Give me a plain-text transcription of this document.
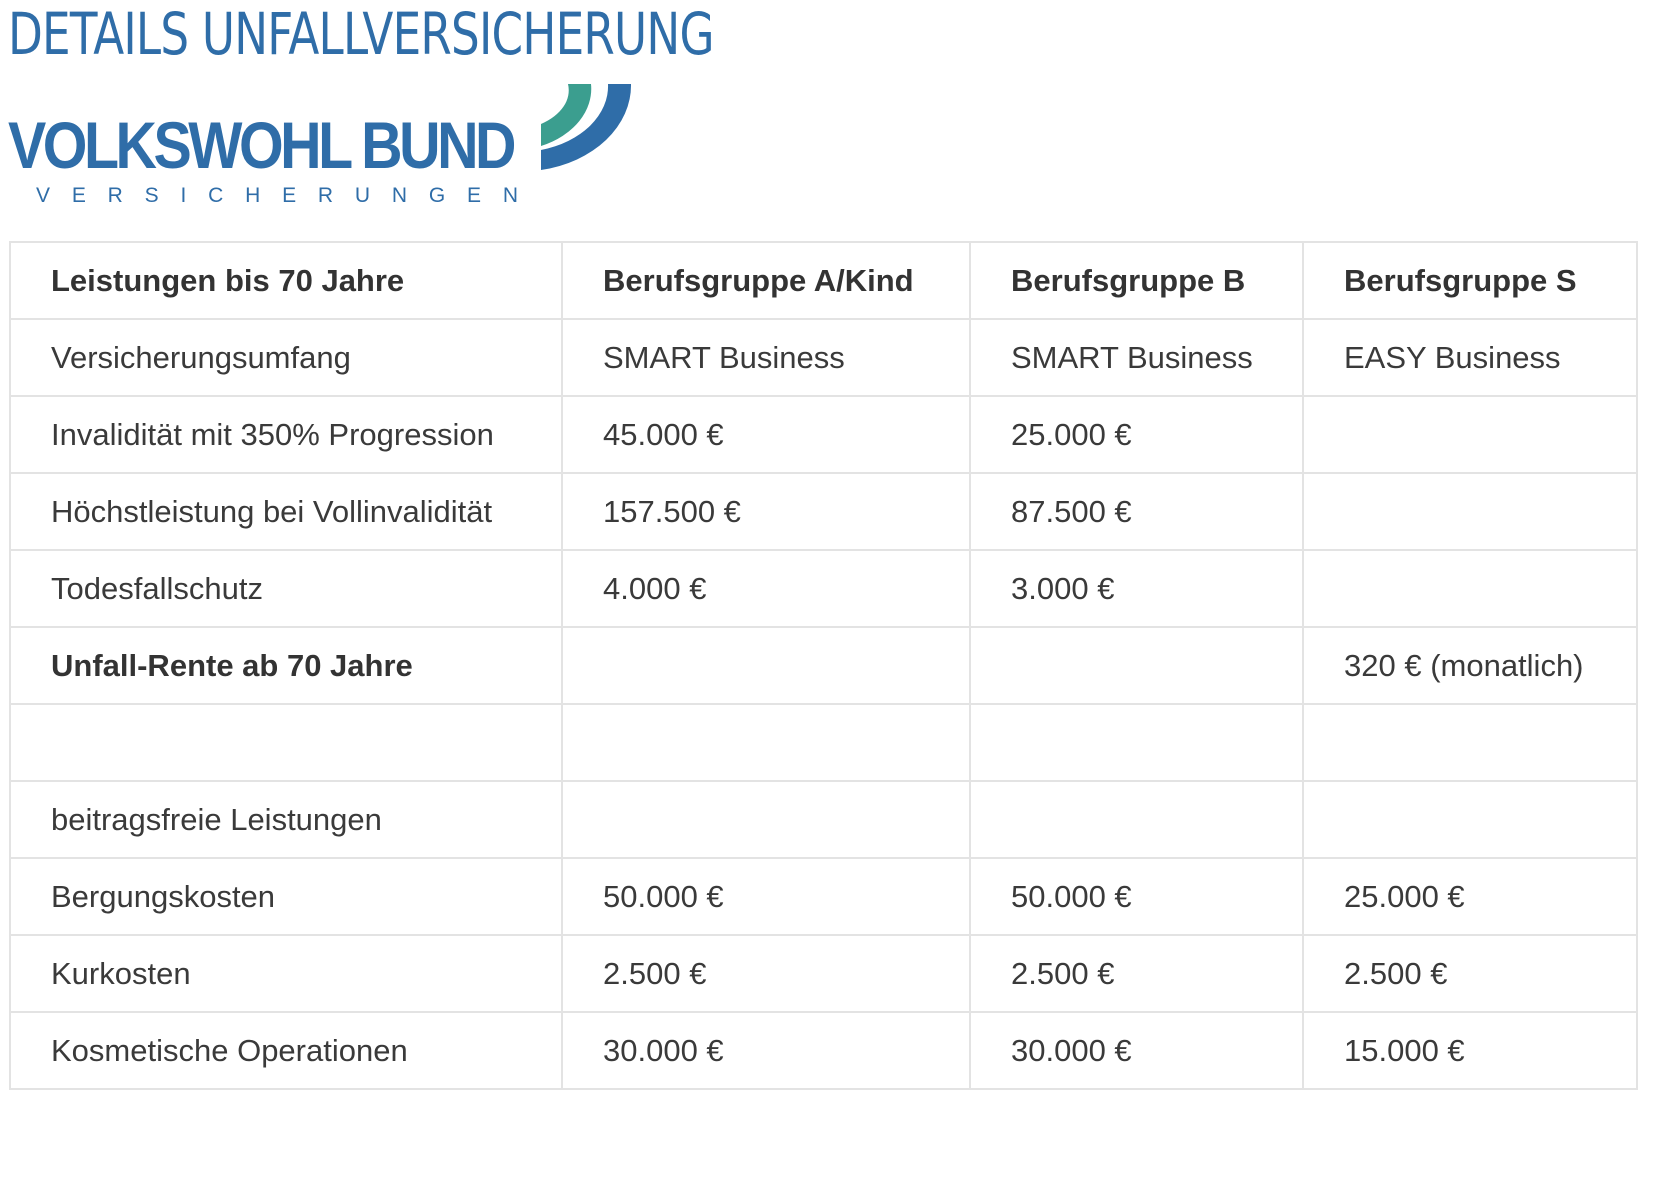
DETAILS UNFALLVERSICHERUNG
VOLKSWOHL BUND
VERSICHERUNGEN
Leistungen bis 70 Jahre	Berufsgruppe A/Kind	Berufsgruppe B	Berufsgruppe S
Versicherungsumfang	SMART Business	SMART Business	EASY Business
Invalidität mit 350% Progression	45.000 €	25.000 €	
Höchstleistung bei Vollinvalidität	157.500 €	87.500 €	
Todesfallschutz	4.000 €	3.000 €	
Unfall-Rente ab 70 Jahre			320 € (monatlich)

beitragsfreie Leistungen			
Bergungskosten	50.000 €	50.000 €	25.000 €
Kurkosten	2.500 €	2.500 €	2.500 €
Kosmetische Operationen	30.000 €	30.000 €	15.000 €
